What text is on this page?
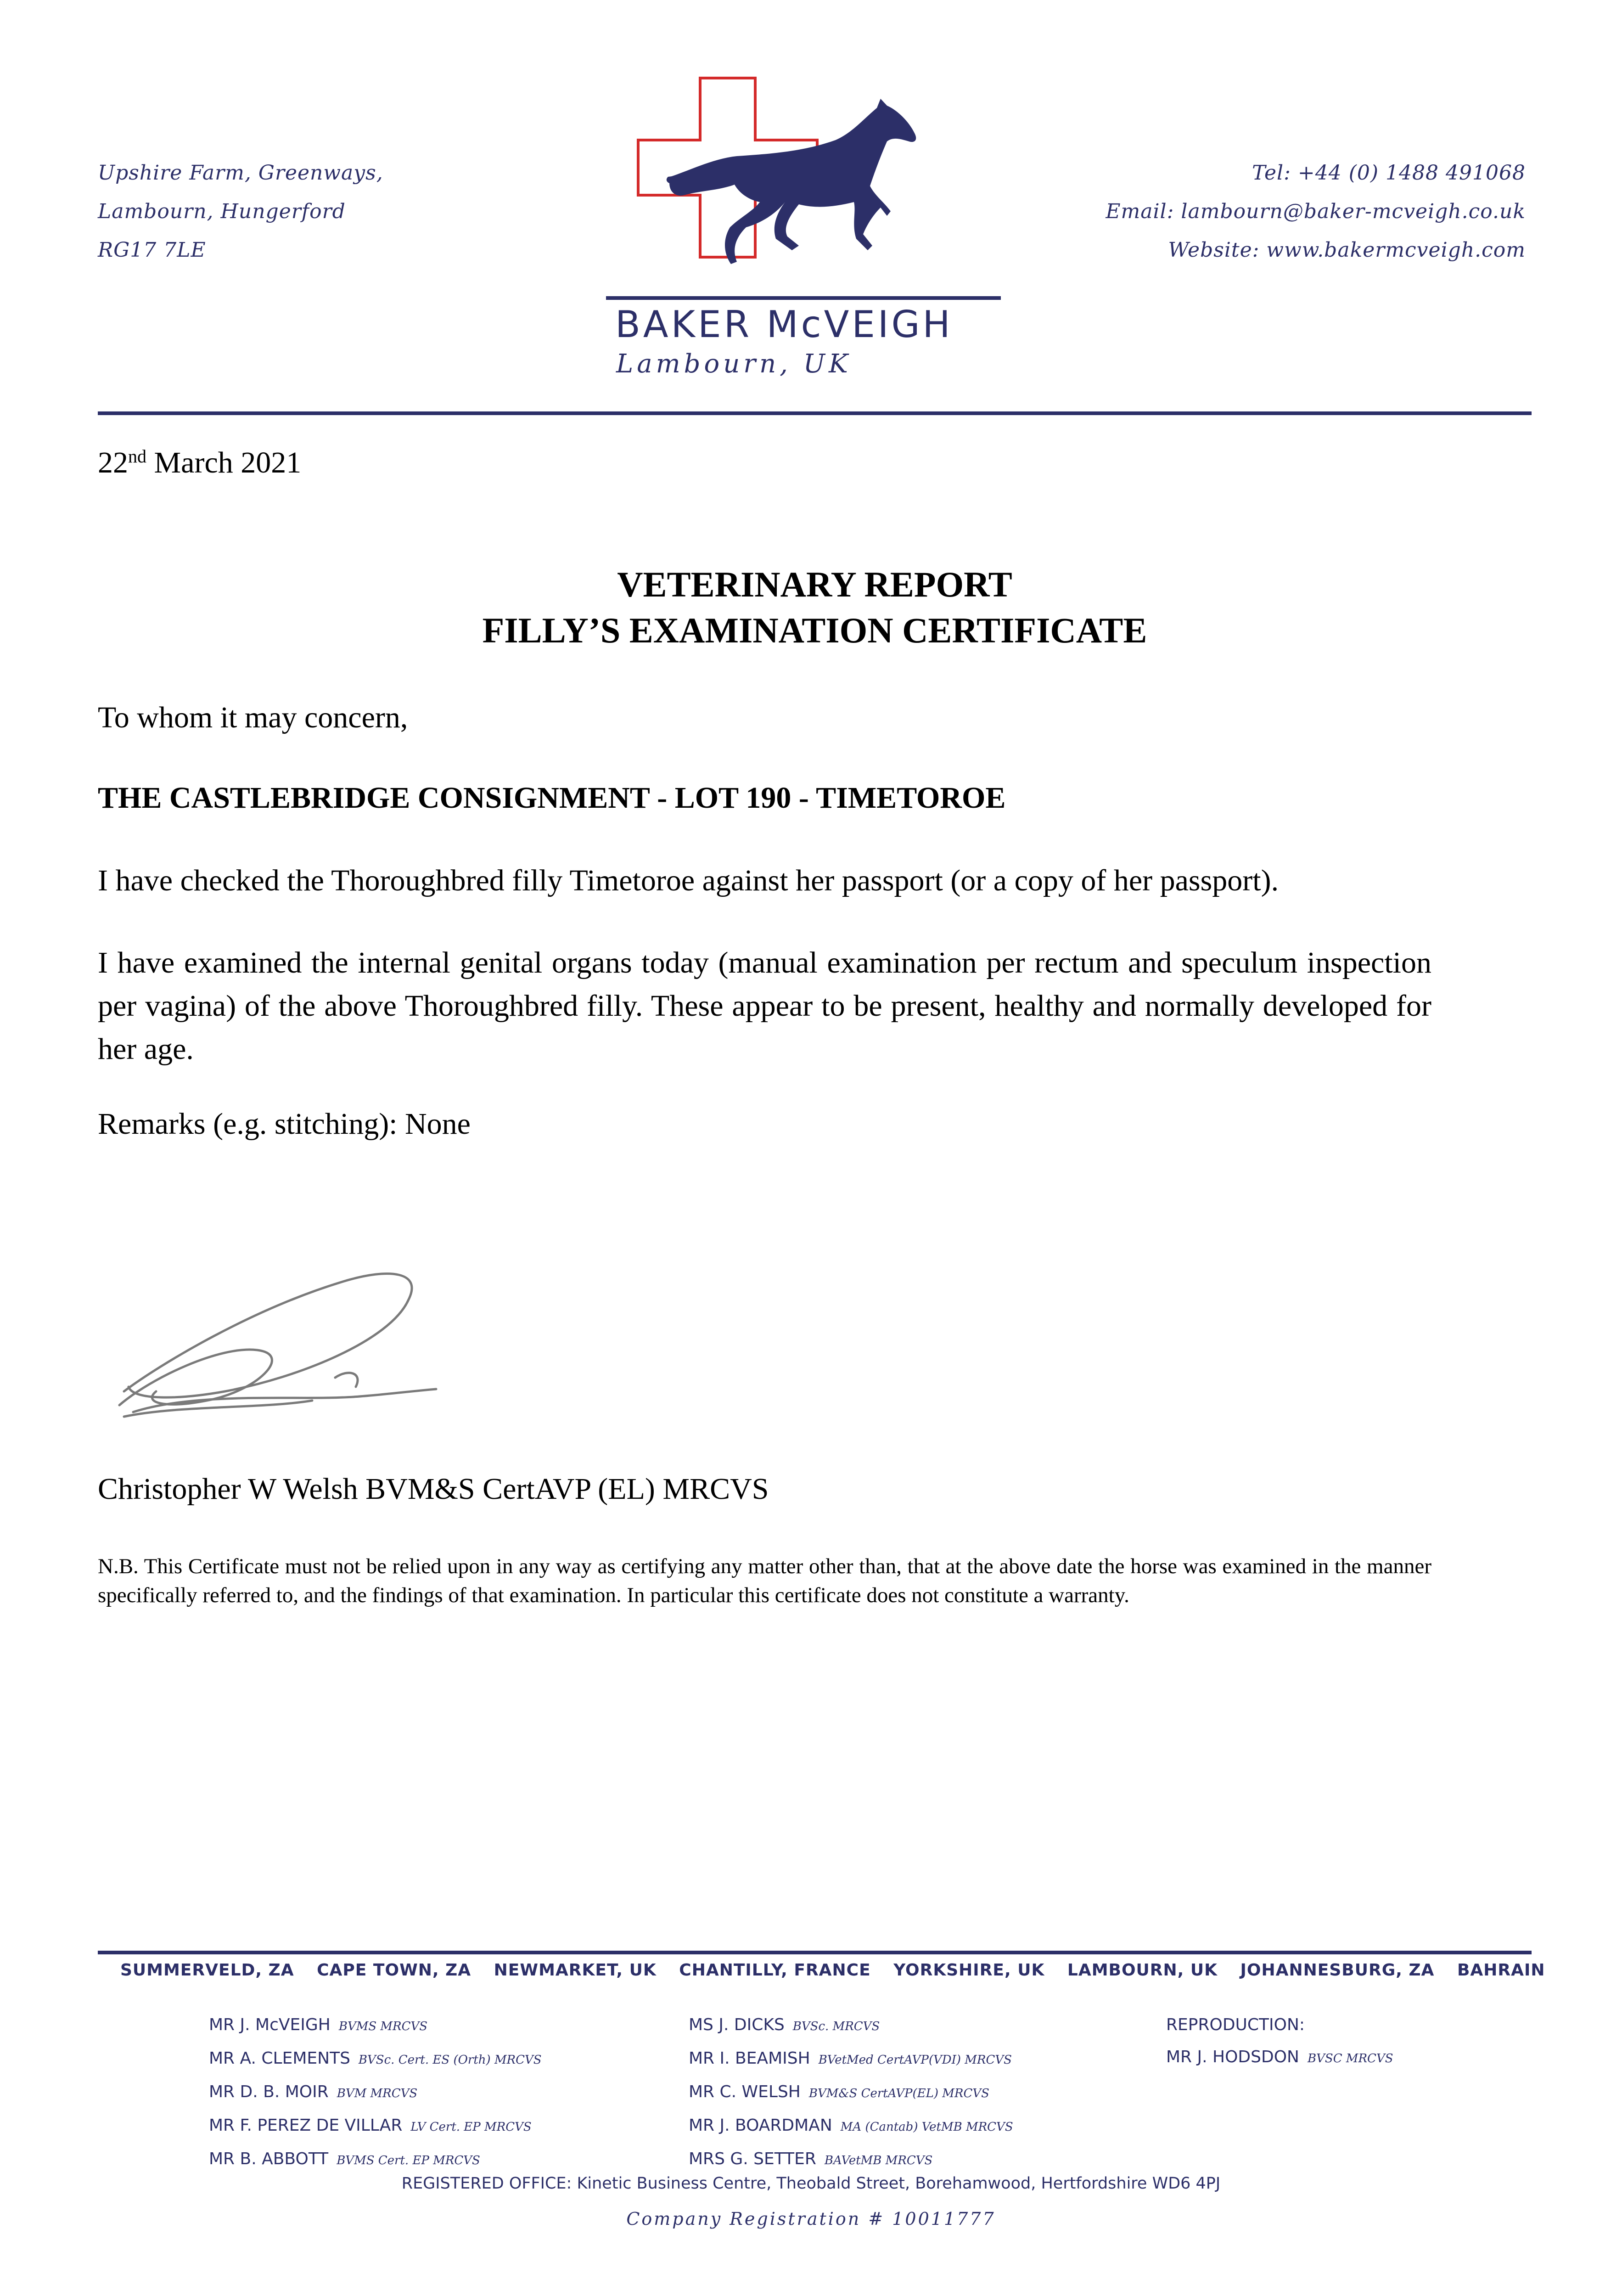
Upshire Farm, Greenways,
Lambourn, Hungerford
RG17 7LE
BAKER McVEIGH
Lambourn, UK
Tel: +44 (0) 1488 491068
Email: lambourn@baker-mcveigh.co.uk
Website: www.bakermcveigh.com
22nd March 2021
VETERINARY REPORT
FILLY’S EXAMINATION CERTIFICATE
To whom it may concern,
THE CASTLEBRIDGE CONSIGNMENT - LOT 190 - TIMETOROE
I have checked the Thoroughbred filly Timetoroe against her passport (or a copy of her passport).
I have examined the internal genital organs today (manual examination per rectum and speculum inspection per vagina) of the above Thoroughbred filly. These appear to be present, healthy and normally developed for her age.
Remarks (e.g. stitching): None
Christopher W Welsh BVM&S CertAVP (EL) MRCVS
N.B. This Certificate must not be relied upon in any way as certifying any matter other than, that at the above date the horse was examined in the manner specifically referred to, and the findings of that examination. In particular this certificate does not constitute a warranty.
SUMMERVELD, ZA CAPE TOWN, ZA NEWMARKET, UK CHANTILLY, FRANCE YORKSHIRE, UK LAMBOURN, UK JOHANNESBURG, ZA BAHRAIN
MR J. McVEIGH BVMS MRCVS
MR A. CLEMENTS BVSc. Cert. ES (Orth) MRCVS
MR D. B. MOIR BVM MRCVS
MR F. PEREZ DE VILLAR LV Cert. EP MRCVS
MR B. ABBOTT BVMS Cert. EP MRCVS
MS J. DICKS BVSc. MRCVS
MR I. BEAMISH BVetMed CertAVP(VDI) MRCVS
MR C. WELSH BVM&S CertAVP(EL) MRCVS
MR J. BOARDMAN MA (Cantab) VetMB MRCVS
MRS G. SETTER BAVetMB MRCVS
REPRODUCTION:
MR J. HODSDON BVSC MRCVS
REGISTERED OFFICE: Kinetic Business Centre, Theobald Street, Borehamwood, Hertfordshire WD6 4PJ
Company Registration # 10011777
